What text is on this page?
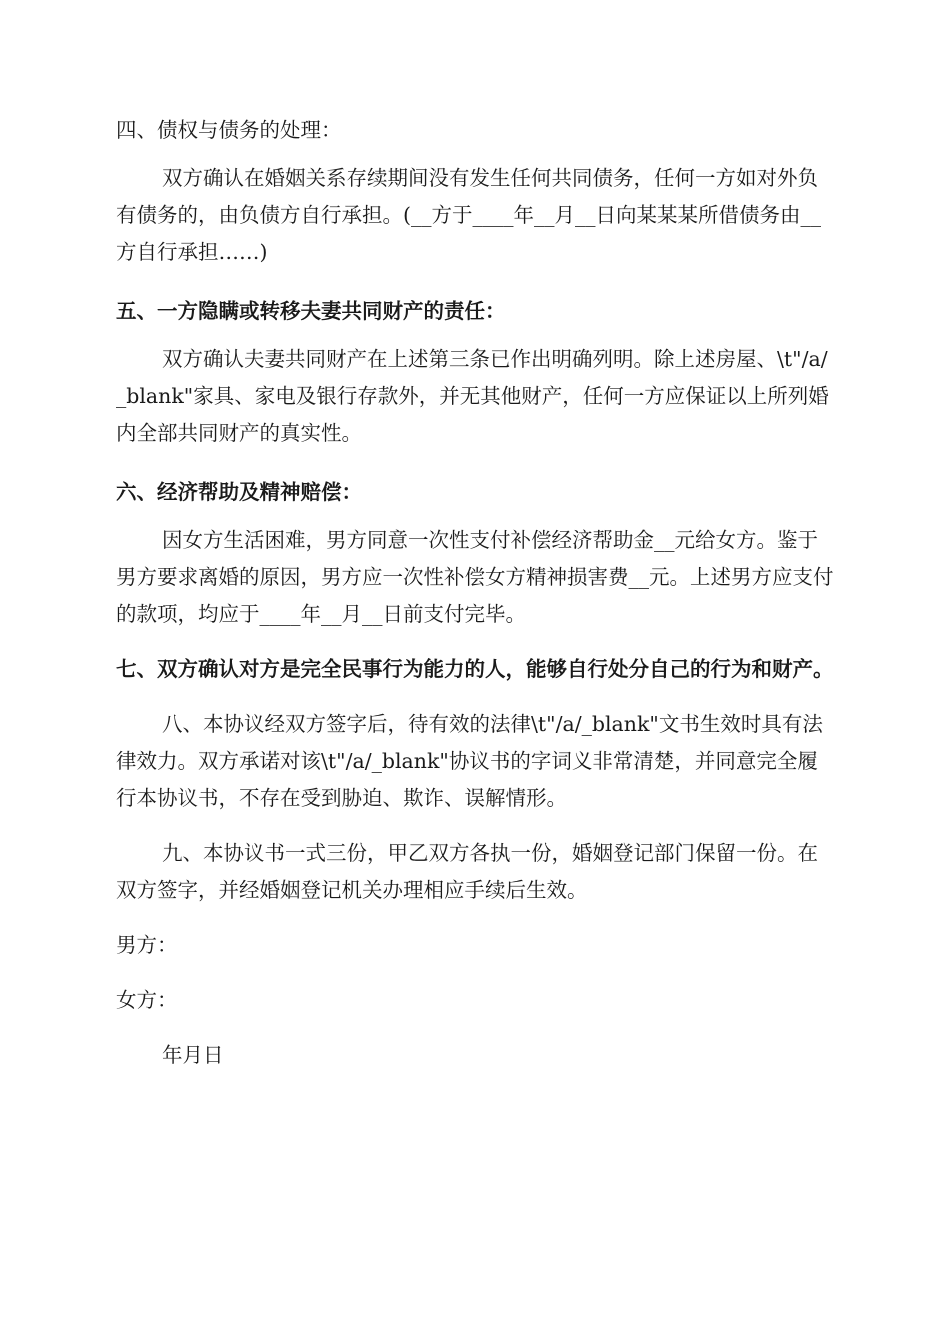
四、债权与债务的处理：

双方确认在婚姻关系存续期间没有发生任何共同债务，任何一方如对外负有债务的，由负债方自行承担。(__方于____年__月__日向某某某所借债务由__方自行承担……)

五、一方隐瞒或转移夫妻共同财产的责任：

双方确认夫妻共同财产在上述第三条已作出明确列明。除上述房屋、\t"/a/_blank"家具、家电及银行存款外，并无其他财产，任何一方应保证以上所列婚内全部共同财产的真实性。

六、经济帮助及精神赔偿：

因女方生活困难，男方同意一次性支付补偿经济帮助金__元给女方。鉴于男方要求离婚的原因，男方应一次性补偿女方精神损害费__元。上述男方应支付的款项，均应于____年__月__日前支付完毕。

七、双方确认对方是完全民事行为能力的人，能够自行处分自己的行为和财产。

八、本协议经双方签字后，待有效的法律\t"/a/_blank"文书生效时具有法律效力。双方承诺对该\t"/a/_blank"协议书的字词义非常清楚，并同意完全履行本协议书，不存在受到胁迫、欺诈、误解情形。

九、本协议书一式三份，甲乙双方各执一份，婚姻登记部门保留一份。在双方签字，并经婚姻登记机关办理相应手续后生效。

男方：

女方：

年月日
